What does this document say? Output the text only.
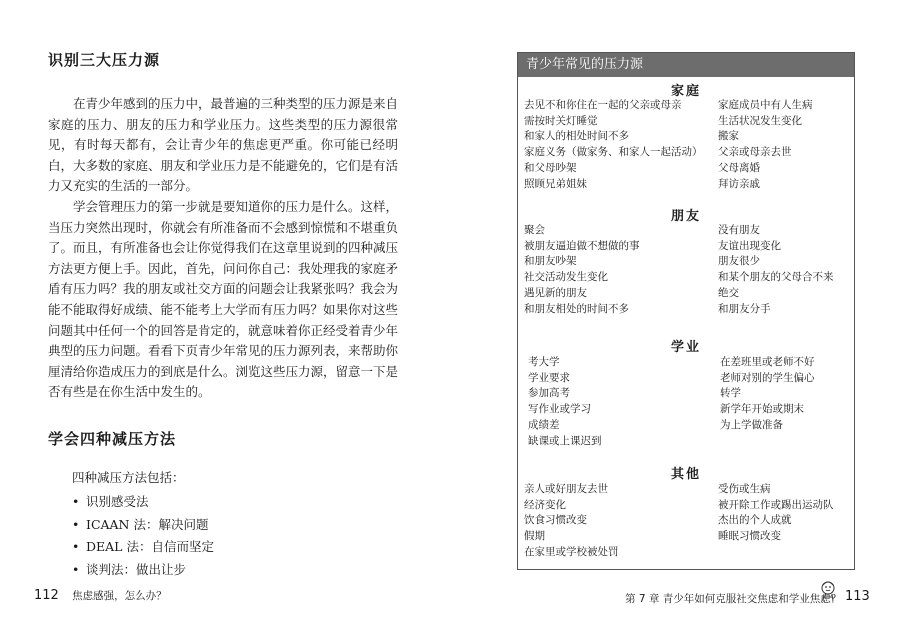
识别三大压力源

在青少年感到的压力中，最普遍的三种类型的压力源是来自家庭的压力、朋友的压力和学业压力。这些类型的压力源很常见，有时每天都有，会让青少年的焦虑更严重。你可能已经明白，大多数的家庭、朋友和学业压力是不能避免的，它们是有活力又充实的生活的一部分。

学会管理压力的第一步就是要知道你的压力是什么。这样，当压力突然出现时，你就会有所准备而不会感到惊慌和不堪重负了。而且，有所准备也会让你觉得我们在这章里说到的四种减压方法更方便上手。因此，首先，问问你自己：我处理我的家庭矛盾有压力吗？我的朋友或社交方面的问题会让我紧张吗？我会为能不能取得好成绩、能不能考上大学而有压力吗？如果你对这些问题其中任何一个的回答是肯定的，就意味着你正经受着青少年典型的压力问题。看看下页青少年常见的压力源列表，来帮助你厘清给你造成压力的到底是什么。浏览这些压力源，留意一下是否有些是在你生活中发生的。

学会四种减压方法
四种减压方法包括：
• 识别感受法
• ICAAN 法：解决问题
• DEAL 法：自信而坚定
• 谈判法：做出让步
112 焦虑感强，怎么办？
青少年常见的压力源
家庭
去见不和你住在一起的父亲或母亲
需按时关灯睡觉
和家人的相处时间不多
家庭义务（做家务、和家人一起活动）
和父母吵架
照顾兄弟姐妹
家庭成员中有人生病
生活状况发生变化
搬家
父亲或母亲去世
父母离婚
拜访亲戚
朋友
聚会
被朋友逼迫做不想做的事
和朋友吵架
社交活动发生变化
遇见新的朋友
和朋友相处的时间不多
没有朋友
友谊出现变化
朋友很少
和某个朋友的父母合不来
绝交
和朋友分手
学业
考大学
学业要求
参加高考
写作业或学习
成绩差
缺课或上课迟到
在差班里或老师不好
老师对别的学生偏心
转学
新学年开始或期末
为上学做准备
其他
亲人或好朋友去世
经济变化
饮食习惯改变
假期
在家里或学校被处罚
受伤或生病
被开除工作或踢出运动队
杰出的个人成就
睡眠习惯改变
第 7 章 青少年如何克服社交焦虑和学业焦虑？ 113
